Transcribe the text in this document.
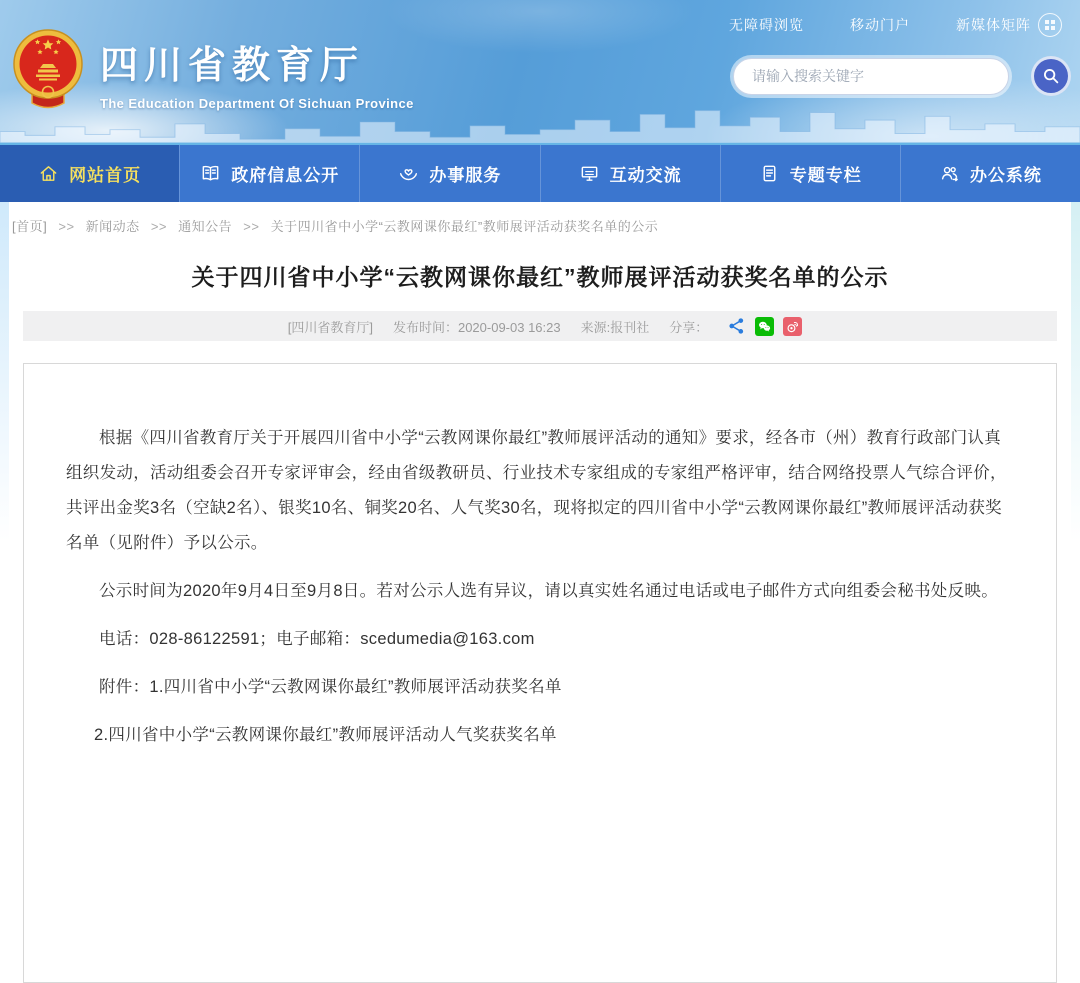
无障碍浏览	移动门户	新媒体矩阵
四川省教育厅
The Education Department Of Sichuan Province
请输入搜索关键字
网站首页	政府信息公开	办事服务	互动交流	专题专栏	办公系统
[首页] >> 新闻动态 >> 通知公告 >> 关于四川省中小学“云教网课你最红”教师展评活动获奖名单的公示
关于四川省中小学“云教网课你最红”教师展评活动获奖名单的公示
[四川省教育厅] 发布时间：2020-09-03 16:23 来源:报刊社 分享：

根据《四川省教育厅关于开展四川省中小学“云教网课你最红”教师展评活动的通知》要求，经各市（州）教育行政部门认真组织发动，活动组委会召开专家评审会，经由省级教研员、行业技术专家组成的专家组严格评审，结合网络投票人气综合评价，共评出金奖3名（空缺2名）、银奖10名、铜奖20名、人气奖30名，现将拟定的四川省中小学“云教网课你最红”教师展评活动获奖名单（见附件）予以公示。

公示时间为2020年9月4日至9月8日。若对公示人选有异议，请以真实姓名通过电话或电子邮件方式向组委会秘书处反映。

电话：028-86122591；电子邮箱：scedumedia@163.com

附件：1.四川省中小学“云教网课你最红”教师展评活动获奖名单

2.四川省中小学“云教网课你最红”教师展评活动人气奖获奖名单
